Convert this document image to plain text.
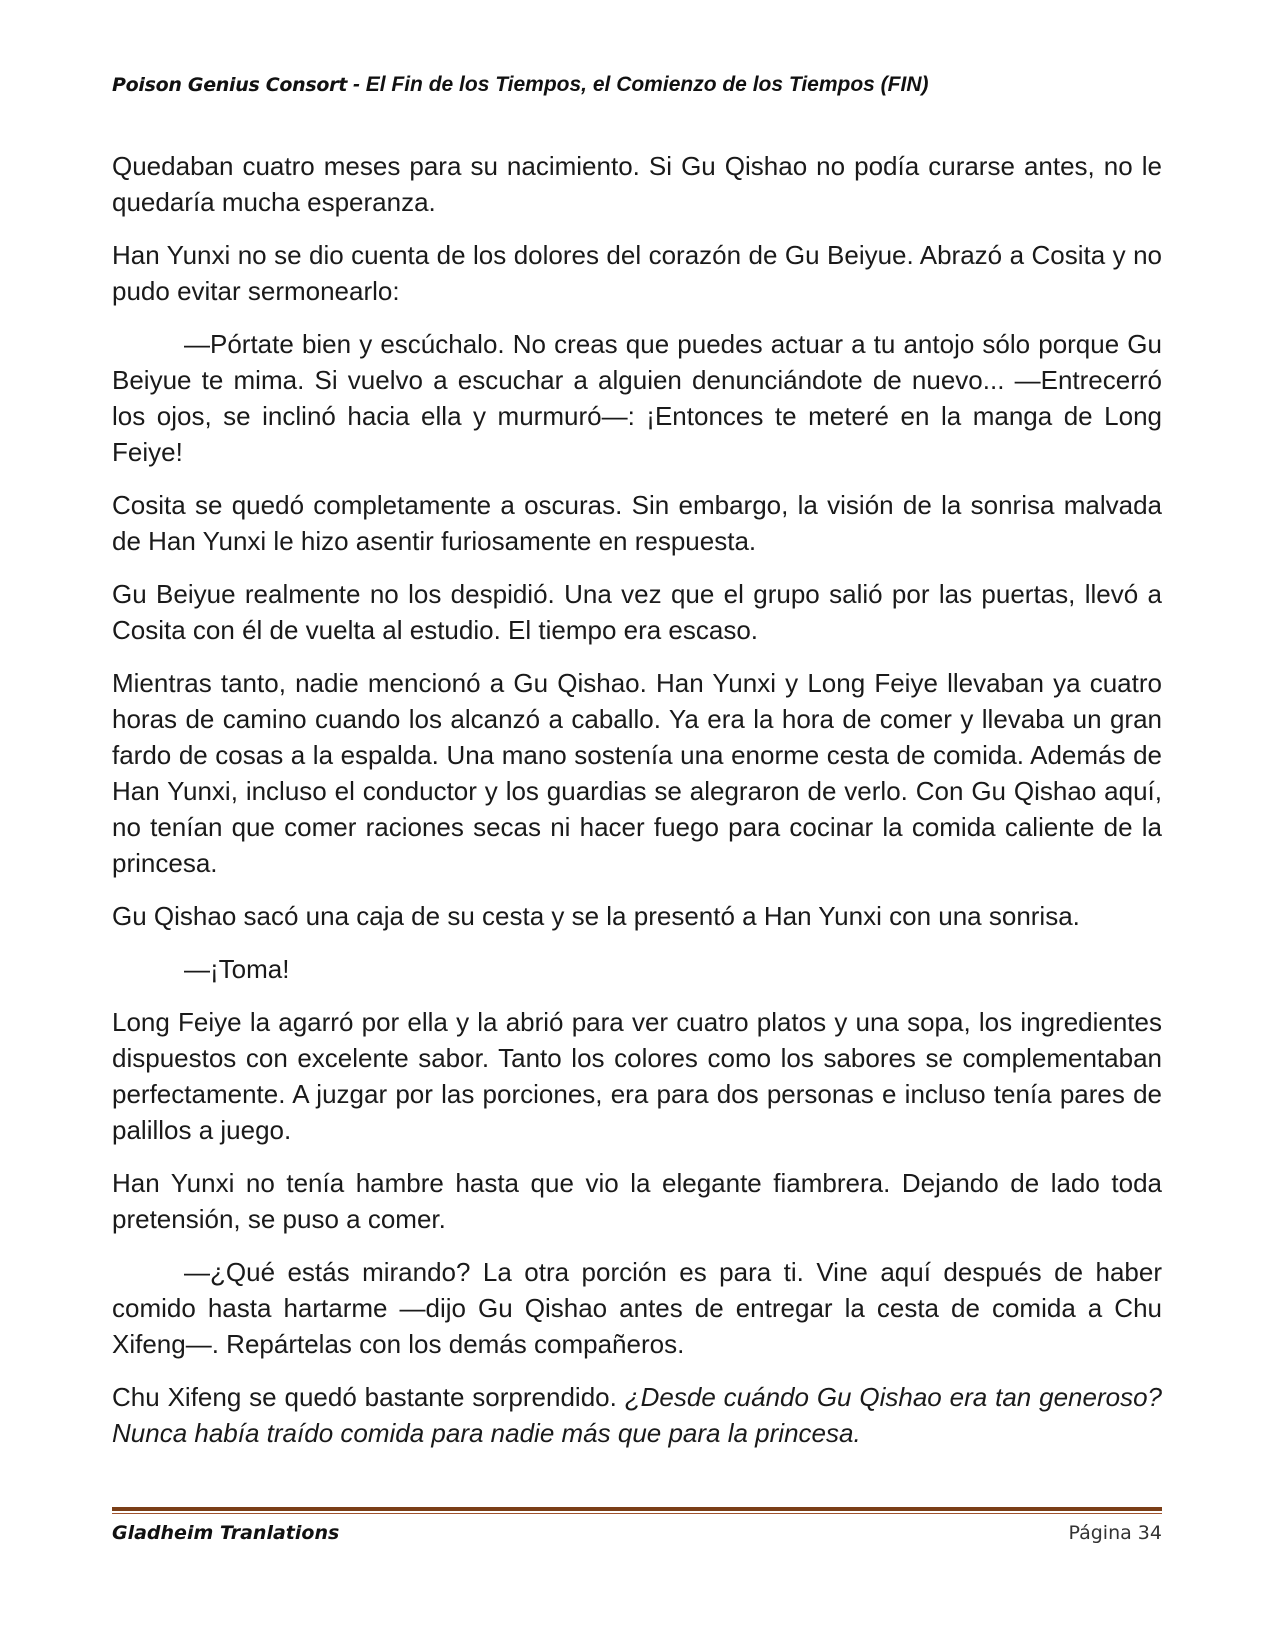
Poison Genius Consort - El Fin de los Tiempos, el Comienzo de los Tiempos (FIN)

Quedaban cuatro meses para su nacimiento. Si Gu Qishao no podía curarse antes, no le quedaría mucha esperanza.

Han Yunxi no se dio cuenta de los dolores del corazón de Gu Beiyue. Abrazó a Cosita y no pudo evitar sermonearlo:

—Pórtate bien y escúchalo. No creas que puedes actuar a tu antojo sólo porque Gu Beiyue te mima. Si vuelvo a escuchar a alguien denunciándote de nuevo... —Entrecerró los ojos, se inclinó hacia ella y murmuró—: ¡Entonces te meteré en la manga de Long Feiye!

Cosita se quedó completamente a oscuras. Sin embargo, la visión de la sonrisa malvada de Han Yunxi le hizo asentir furiosamente en respuesta.

Gu Beiyue realmente no los despidió. Una vez que el grupo salió por las puertas, llevó a Cosita con él de vuelta al estudio. El tiempo era escaso.

Mientras tanto, nadie mencionó a Gu Qishao. Han Yunxi y Long Feiye llevaban ya cuatro horas de camino cuando los alcanzó a caballo. Ya era la hora de comer y llevaba un gran fardo de cosas a la espalda. Una mano sostenía una enorme cesta de comida. Además de Han Yunxi, incluso el conductor y los guardias se alegraron de verlo. Con Gu Qishao aquí, no tenían que comer raciones secas ni hacer fuego para cocinar la comida caliente de la princesa.

Gu Qishao sacó una caja de su cesta y se la presentó a Han Yunxi con una sonrisa.

—¡Toma!

Long Feiye la agarró por ella y la abrió para ver cuatro platos y una sopa, los ingredientes dispuestos con excelente sabor. Tanto los colores como los sabores se complementaban perfectamente. A juzgar por las porciones, era para dos personas e incluso tenía pares de palillos a juego.

Han Yunxi no tenía hambre hasta que vio la elegante fiambrera. Dejando de lado toda pretensión, se puso a comer.

—¿Qué estás mirando? La otra porción es para ti. Vine aquí después de haber comido hasta hartarme —dijo Gu Qishao antes de entregar la cesta de comida a Chu Xifeng—. Repártelas con los demás compañeros.

Chu Xifeng se quedó bastante sorprendido. ¿Desde cuándo Gu Qishao era tan generoso? Nunca había traído comida para nadie más que para la princesa.

Gladheim Tranlations	Página 34
